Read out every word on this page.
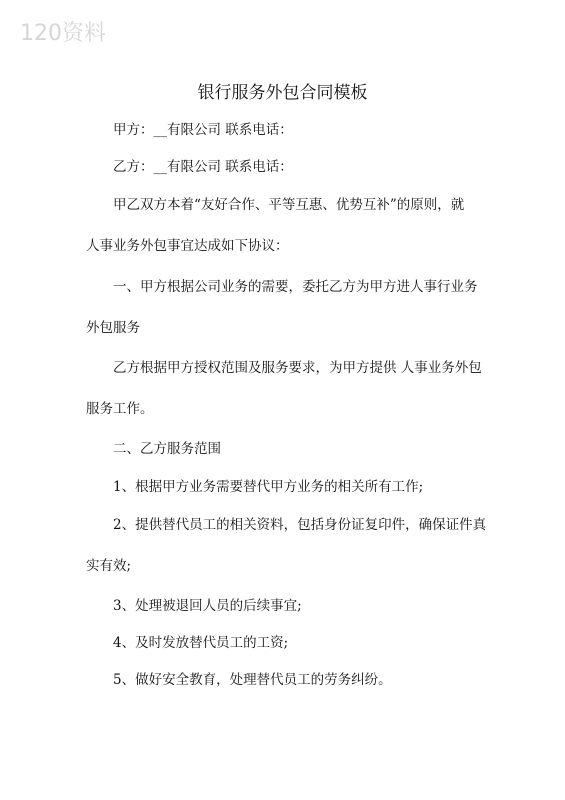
120资料
银行服务外包合同模板
甲方：__有限公司 联系电话：
乙方：__有限公司 联系电话：
甲乙双方本着“友好合作、平等互惠、优势互补”的原则，就
人事业务外包事宜达成如下协议：
一、甲方根据公司业务的需要，委托乙方为甲方进人事行业务
外包服务
乙方根据甲方授权范围及服务要求，为甲方提供 人事业务外包
服务工作。
二、乙方服务范围
1、根据甲方业务需要替代甲方业务的相关所有工作;
2、提供替代员工的相关资料，包括身份证复印件，确保证件真
实有效;
3、处理被退回人员的后续事宜;
4、及时发放替代员工的工资;
5、做好安全教育，处理替代员工的劳务纠纷。
